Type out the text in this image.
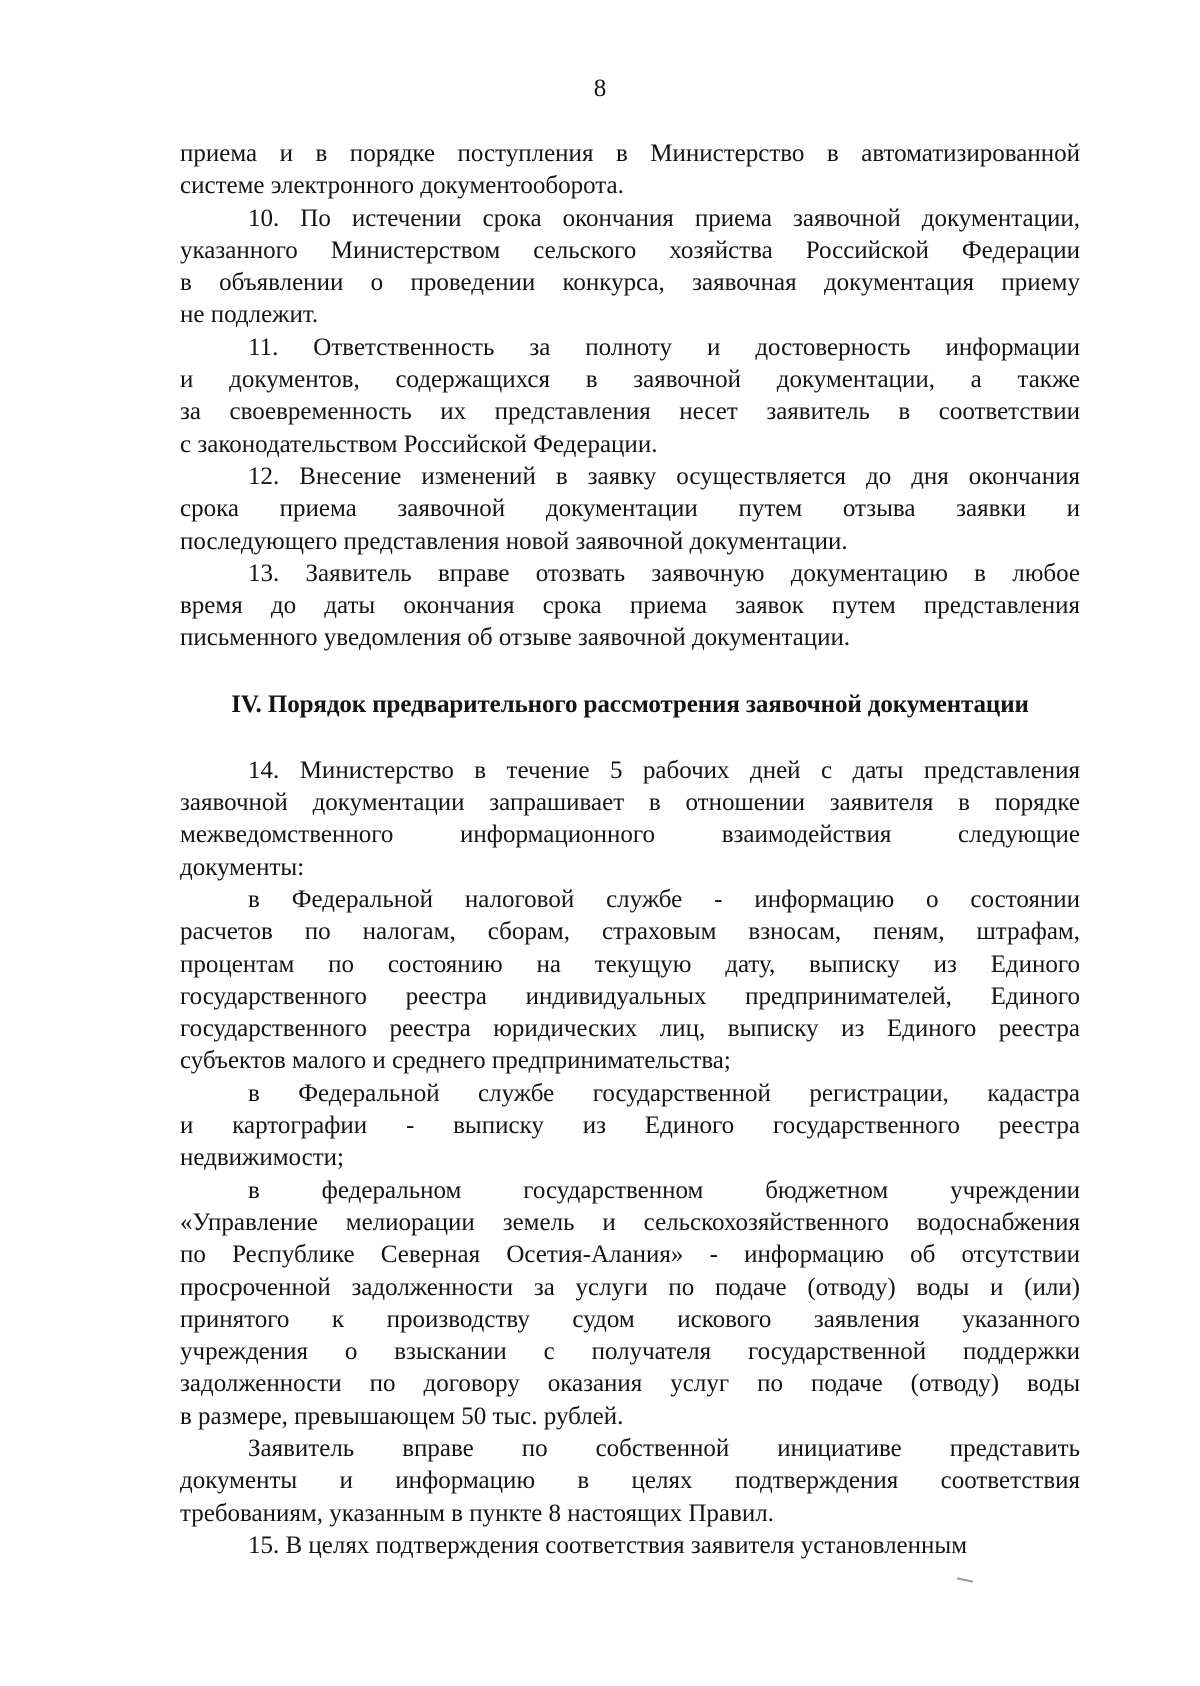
8

приема и в порядке поступления в Министерство в автоматизированной

системе электронного документооборота.

10. По истечении срока окончания приема заявочной документации,

указанного Министерством сельского хозяйства Российской Федерации

в объявлении о проведении конкурса, заявочная документация приему

не подлежит.

11. Ответственность за полноту и достоверность информации

и документов, содержащихся в заявочной документации, а также

за своевременность их представления несет заявитель в соответствии

с законодательством Российской Федерации.

12. Внесение изменений в заявку осуществляется до дня окончания

срока приема заявочной документации путем отзыва заявки и

последующего представления новой заявочной документации.

13. Заявитель вправе отозвать заявочную документацию в любое

время до даты окончания срока приема заявок путем представления

письменного уведомления об отзыве заявочной документации.

IV. Порядок предварительного рассмотрения заявочной документации

14. Министерство в течение 5 рабочих дней с даты представления

заявочной документации запрашивает в отношении заявителя в порядке

межведомственного информационного взаимодействия следующие

документы:

в Федеральной налоговой службе - информацию о состоянии

расчетов по налогам, сборам, страховым взносам, пеням, штрафам,

процентам по состоянию на текущую дату, выписку из Единого

государственного реестра индивидуальных предпринимателей, Единого

государственного реестра юридических лиц, выписку из Единого реестра

субъектов малого и среднего предпринимательства;

в Федеральной службе государственной регистрации, кадастра

и картографии - выписку из Единого государственного реестра

недвижимости;

в федеральном государственном бюджетном учреждении

«Управление мелиорации земель и сельскохозяйственного водоснабжения

по Республике Северная Осетия-Алания» - информацию об отсутствии

просроченной задолженности за услуги по подаче (отводу) воды и (или)

принятого к производству судом искового заявления указанного

учреждения о взыскании с получателя государственной поддержки

задолженности по договору оказания услуг по подаче (отводу) воды

в размере, превышающем 50 тыс. рублей.

Заявитель вправе по собственной инициативе представить

документы и информацию в целях подтверждения соответствия

требованиям, указанным в пункте 8 настоящих Правил.

15. В целях подтверждения соответствия заявителя установленным
